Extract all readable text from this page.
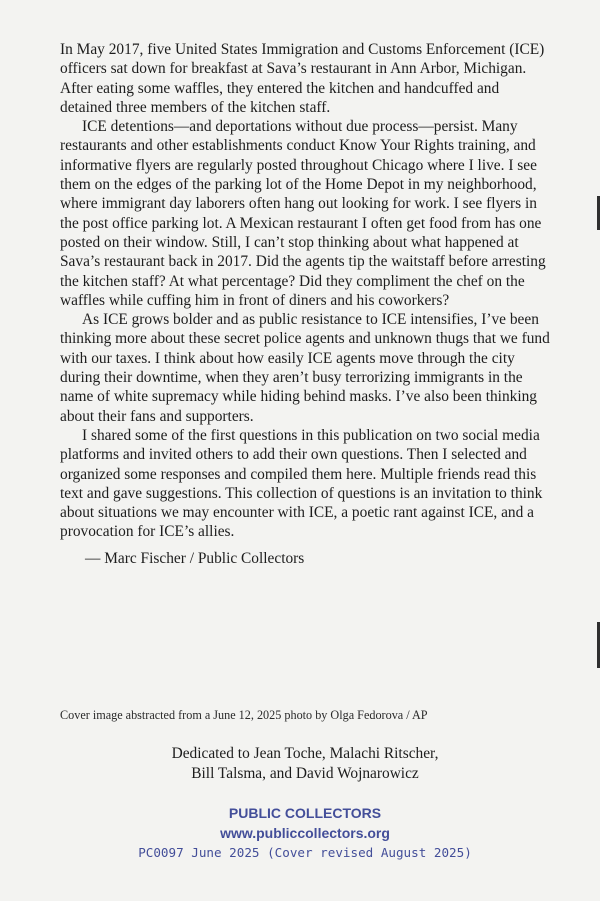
In May 2017, five United States Immigration and Customs Enforcement (ICE) officers sat down for breakfast at Sava’s restaurant in Ann Arbor, Michigan. After eating some waffles, they entered the kitchen and handcuffed and detained three members of the kitchen staff.

ICE detentions—and deportations without due process—persist. Many restaurants and other establishments conduct Know Your Rights training, and informative flyers are regularly posted throughout Chicago where I live. I see them on the edges of the parking lot of the Home Depot in my neighborhood, where immigrant day laborers often hang out looking for work. I see flyers in the post office parking lot. A Mexican restaurant I often get food from has one posted on their window. Still, I can’t stop thinking about what happened at Sava’s restaurant back in 2017. Did the agents tip the waitstaff before arresting the kitchen staff? At what percentage? Did they compliment the chef on the waffles while cuffing him in front of diners and his coworkers?

As ICE grows bolder and as public resistance to ICE intensifies, I’ve been thinking more about these secret police agents and unknown thugs that we fund with our taxes. I think about how easily ICE agents move through the city during their downtime, when they aren’t busy terrorizing immigrants in the name of white supremacy while hiding behind masks. I’ve also been thinking about their fans and supporters.

I shared some of the first questions in this publication on two social media platforms and invited others to add their own questions. Then I selected and organized some responses and compiled them here. Multiple friends read this text and gave suggestions. This collection of questions is an invitation to think about situations we may encounter with ICE, a poetic rant against ICE, and a provocation for ICE’s allies.

— Marc Fischer / Public Collectors

Cover image abstracted from a June 12, 2025 photo by Olga Fedorova / AP
Dedicated to Jean Toche, Malachi Ritscher,
Bill Talsma, and David Wojnarowicz
PUBLIC COLLECTORS
www.publiccollectors.org
PC0097 June 2025 (Cover revised August 2025)
